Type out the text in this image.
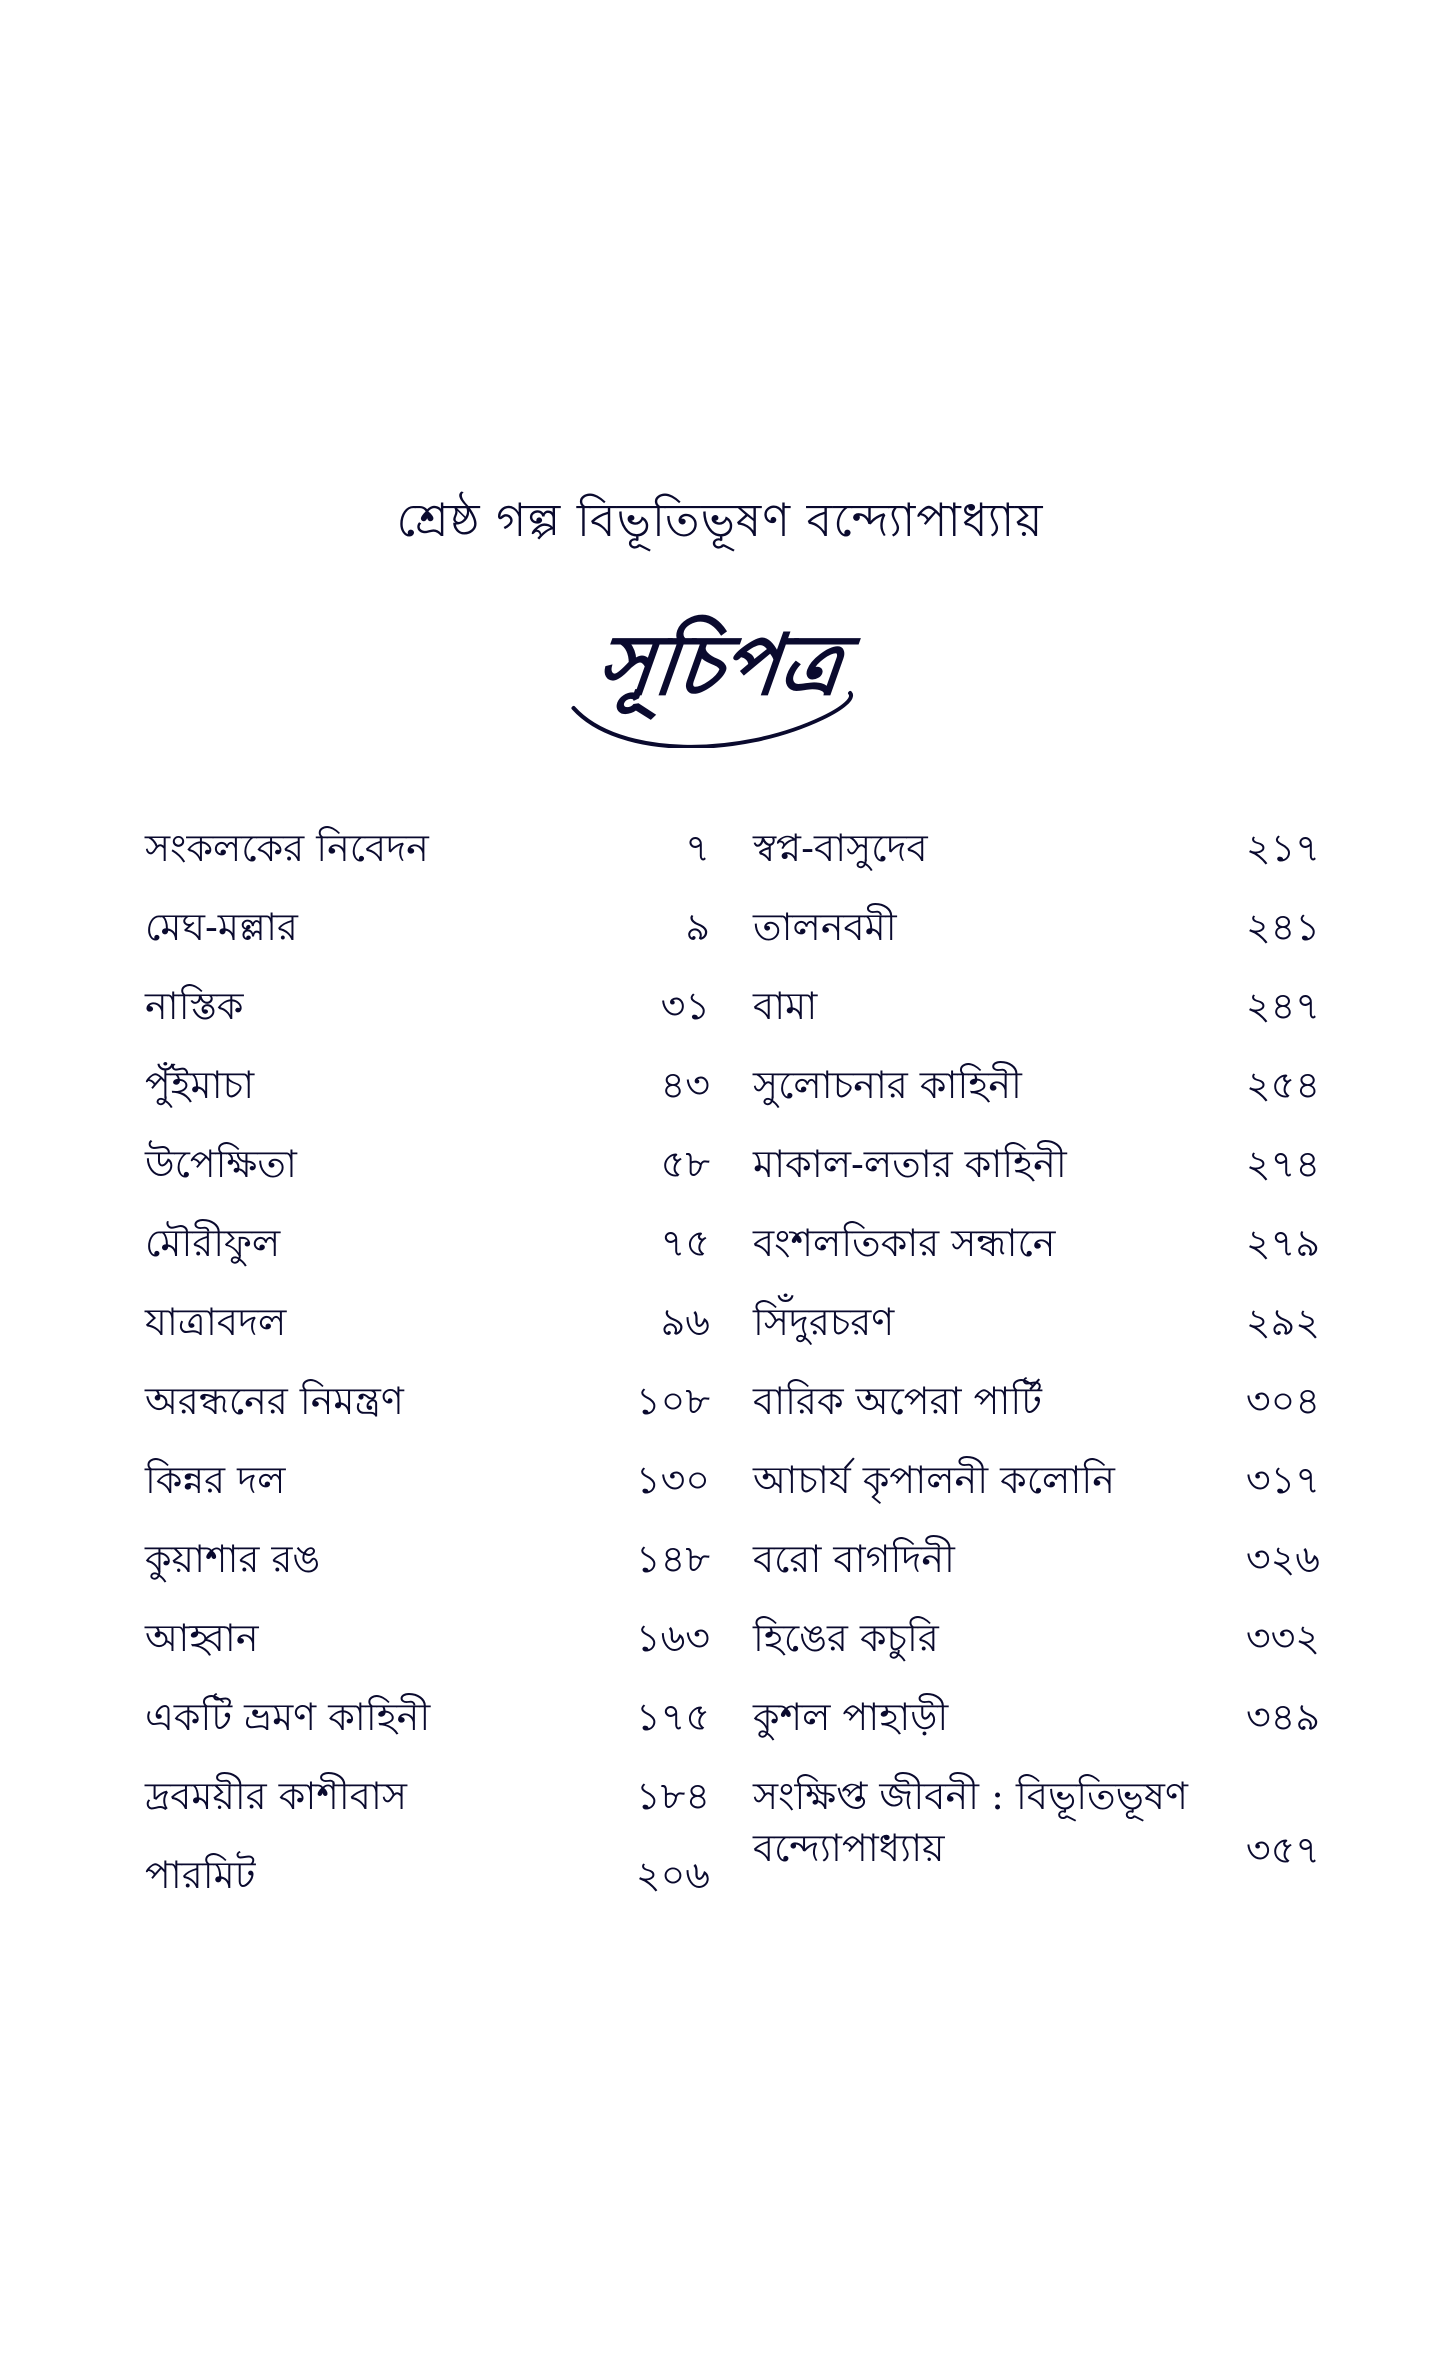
শ্রেষ্ঠ গল্প বিভূতিভূষণ বন্দ্যোপাধ্যায়
সূচিপত্র
সংকলকের নিবেদন	৭
মেঘ-মল্লার	৯
নাস্তিক	৩১
পুঁইমাচা	৪৩
উপেক্ষিতা	৫৮
মৌরীফুল	৭৫
যাত্রাবদল	৯৬
অরন্ধনের নিমন্ত্রণ	১০৮
কিন্নর দল	১৩০
কুয়াশার রঙ	১৪৮
আহ্বান	১৬৩
একটি ভ্রমণ কাহিনী	১৭৫
দ্রবময়ীর কাশীবাস	১৮৪
পারমিট	২০৬
স্বপ্ন-বাসুদেব	২১৭
তালনবমী	২৪১
বামা	২৪৭
সুলোচনার কাহিনী	২৫৪
মাকাল-লতার কাহিনী	২৭৪
বংশলতিকার সন্ধানে	২৭৯
সিঁদুরচরণ	২৯২
বারিক অপেরা পার্টি	৩০৪
আচার্য কৃপালনী কলোনি	৩১৭
বরো বাগদিনী	৩২৬
হিঙের কচুরি	৩৩২
কুশল পাহাড়ী	৩৪৯
সংক্ষিপ্ত জীবনী : বিভূতিভূষণ বন্দ্যোপাধ্যায়	৩৫৭
